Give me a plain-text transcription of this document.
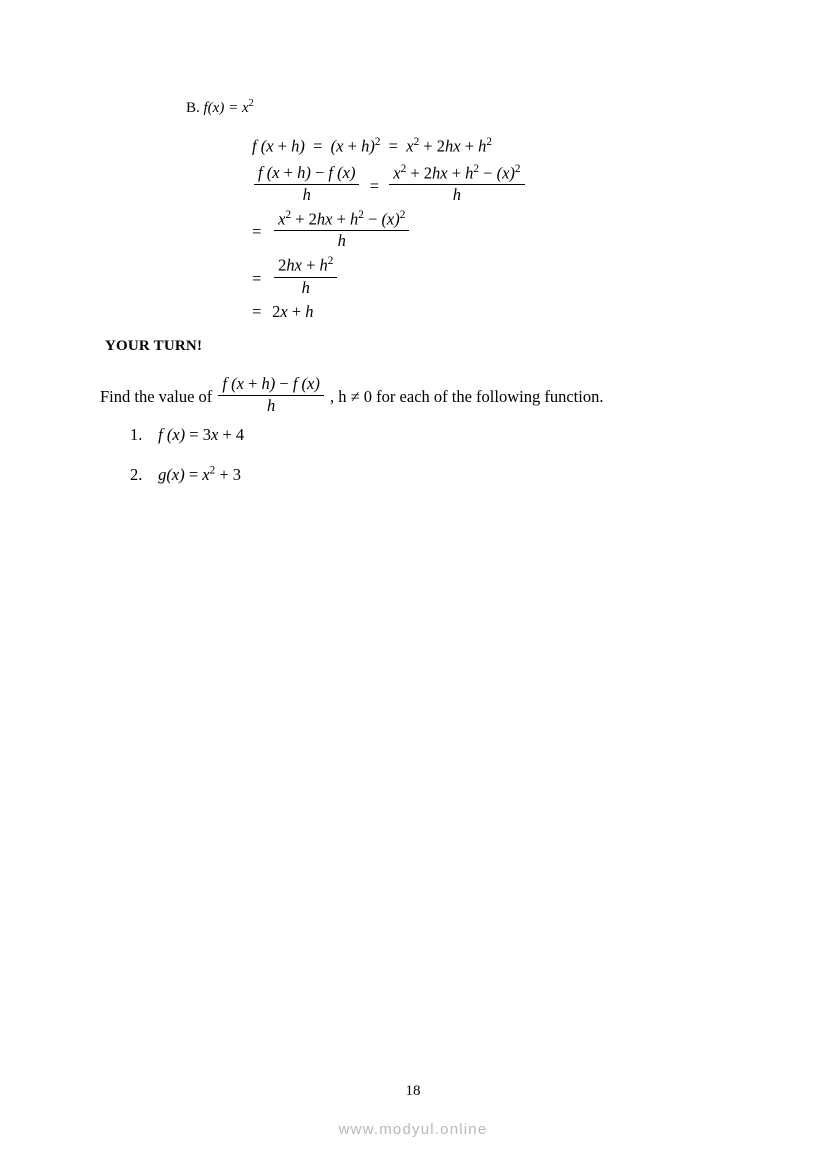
B. $f(x) = x^2$
f $(x + h) = (x + h)^2 = x^2 + 2hx + h^2$
$\frac{f (x + h) - f (x)}{h} = \frac{x^2 + 2hx + h^2 - (x)^2}{h}$
= $\frac{x^2 + 2hx + h^2 - (x)^2}{h}$
= $\frac{2hx + h^2}{h}$
= 2x + h
YOUR TURN!
Find the value of $\frac{f (x + h) - f (x)}{h}$ , h ≠ 0 for each of the following function.
1. f (x) = 3x + 4
2. $g(x) = x^2 + 3$
18
www.modyul.online
